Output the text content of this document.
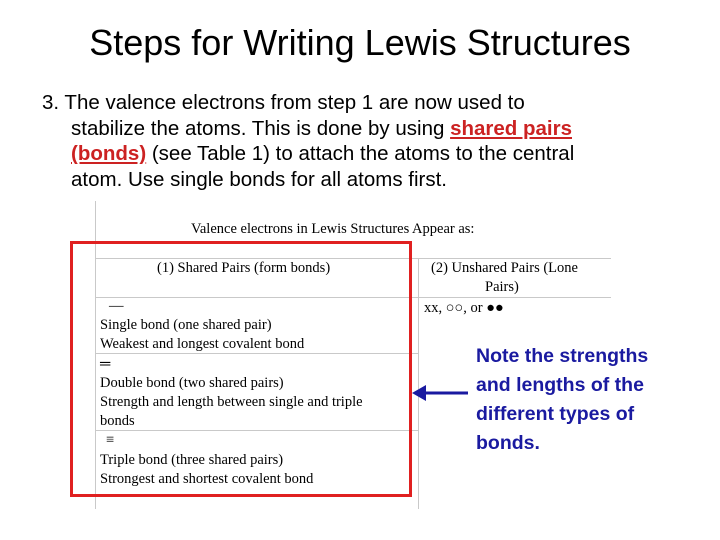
Steps for Writing Lewis Structures
3. The valence electrons from step 1 are now used to
stabilize the atoms. This is done by using shared pairs
(bonds) (see Table 1) to attach the atoms to the central
atom. Use single bonds for all atoms first.
Valence electrons in Lewis Structures Appear as:
(1) Shared Pairs (form bonds)	(2) Unshared Pairs (Lone
Pairs)
xx, ○○, or ●●
—
Single bond (one shared pair)
Weakest and longest covalent bond
═
Double bond (two shared pairs)
Strength and length between single and triple
bonds
≡
Triple bond (three shared pairs)
Strongest and shortest covalent bond
Note the strengths
and lengths of the
different types of
bonds.
